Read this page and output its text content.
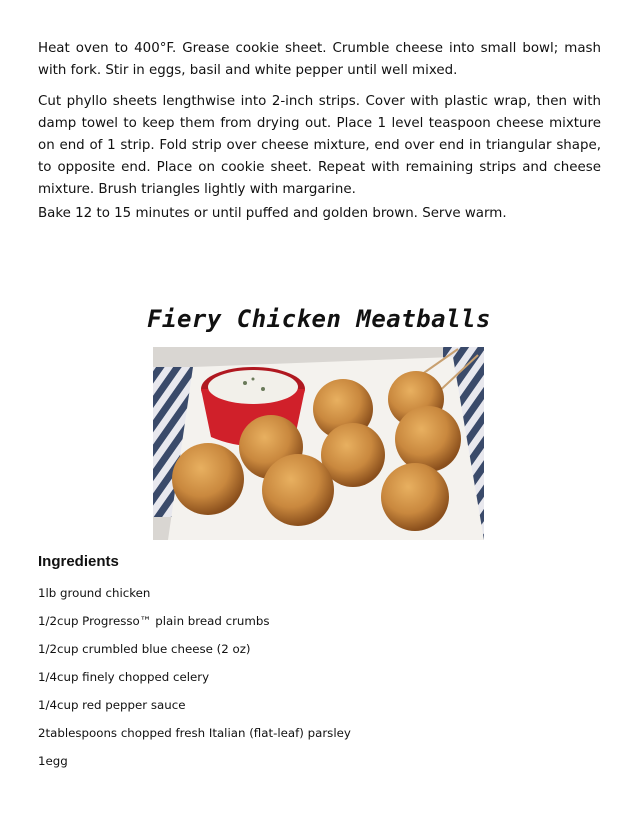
Heat oven to 400°F. Grease cookie sheet. Crumble cheese into small bowl; mash with fork. Stir in eggs, basil and white pepper until well mixed.

Cut phyllo sheets lengthwise into 2-inch strips. Cover with plastic wrap, then with damp towel to keep them from drying out. Place 1 level teaspoon cheese mixture on end of 1 strip. Fold strip over cheese mixture, end over end in triangular shape, to opposite end. Place on cookie sheet. Repeat with remaining strips and cheese mixture. Brush triangles lightly with margarine.

Bake 12 to 15 minutes or until puffed and golden brown. Serve warm.

Fiery Chicken Meatballs
Ingredients
1lb ground chicken
1/2cup Progresso™ plain bread crumbs
1/2cup crumbled blue cheese (2 oz)
1/4cup finely chopped celery
1/4cup red pepper sauce
2tablespoons chopped fresh Italian (flat-leaf) parsley
1egg
